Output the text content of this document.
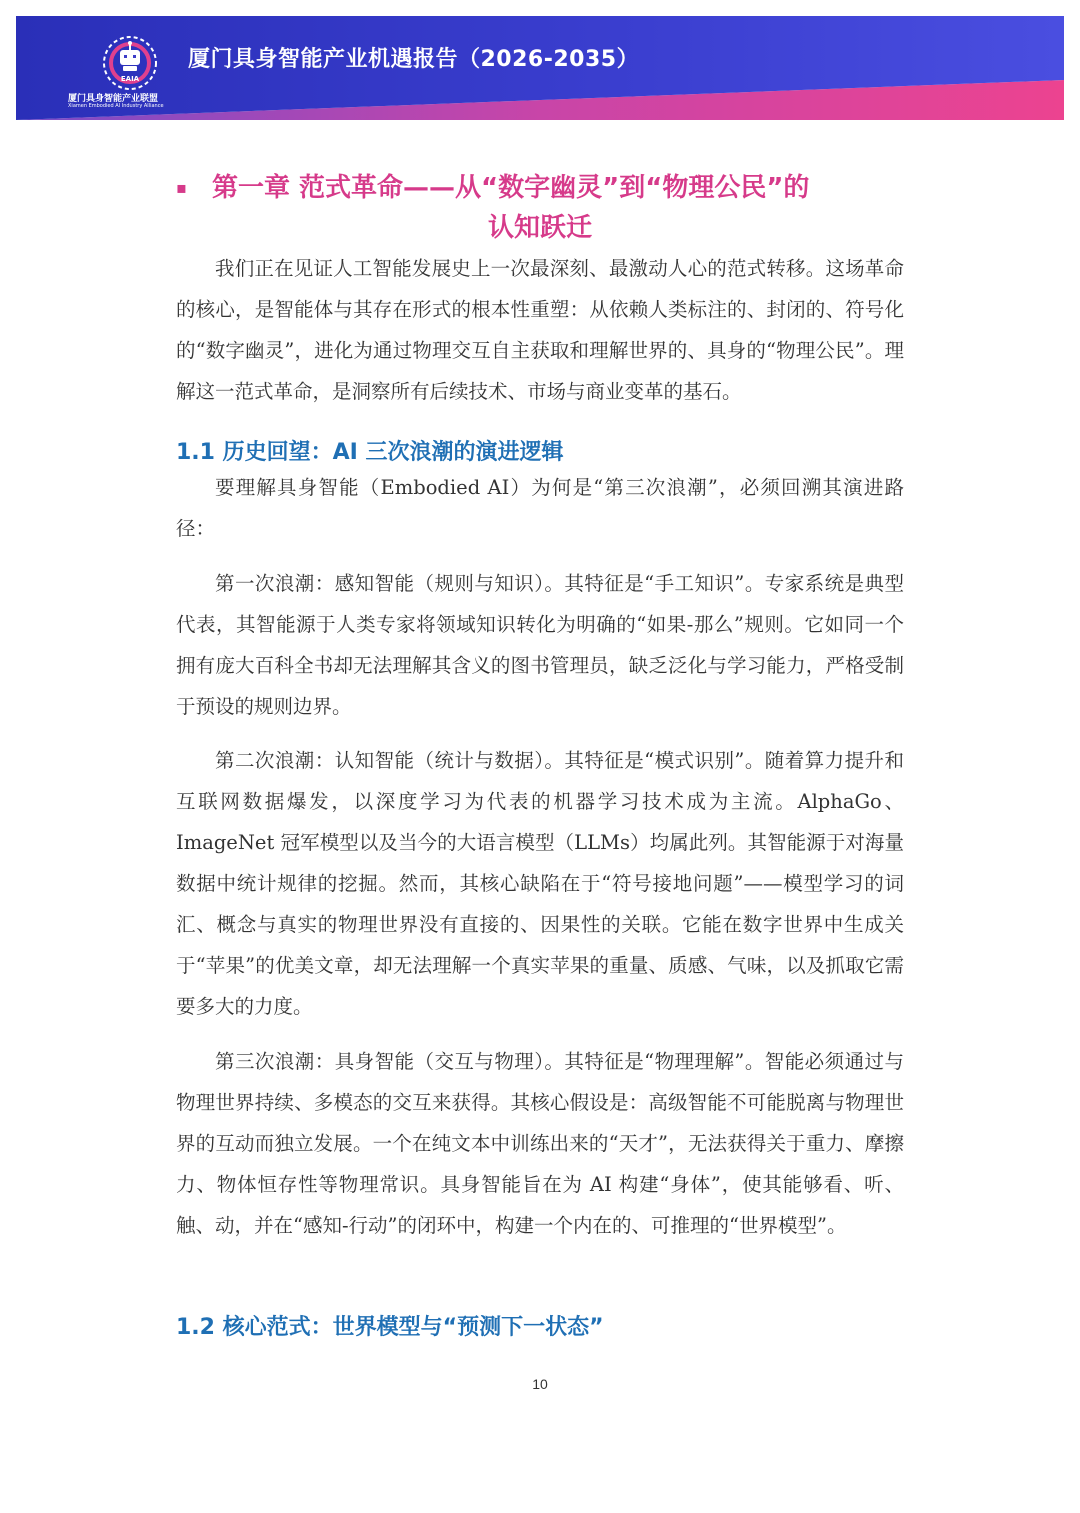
EAIA
厦门具身智能产业联盟
Xiamen Embodied AI Industry Alliance
厦门具身智能产业机遇报告（2026-2035）
▪ 第一章 范式革命——从“数字幽灵”到“物理公民”的
认知跃迁

我们正在见证人工智能发展史上一次最深刻、最激动人心的范式转移。这场革命的核心，是智能体与其存在形式的根本性重塑：从依赖人类标注的、封闭的、符号化的“数字幽灵”，进化为通过物理交互自主获取和理解世界的、具身的“物理公民”。理解这一范式革命，是洞察所有后续技术、市场与商业变革的基石。

1.1 历史回望：AI 三次浪潮的演进逻辑

要理解具身智能（Embodied AI）为何是“第三次浪潮”，必须回溯其演进路径：

第一次浪潮：感知智能（规则与知识）。其特征是“手工知识”。专家系统是典型代表，其智能源于人类专家将领域知识转化为明确的“如果-那么”规则。它如同一个拥有庞大百科全书却无法理解其含义的图书管理员，缺乏泛化与学习能力，严格受制于预设的规则边界。

第二次浪潮：认知智能（统计与数据）。其特征是“模式识别”。随着算力提升和互联网数据爆发，以深度学习为代表的机器学习技术成为主流。AlphaGo、ImageNet 冠军模型以及当今的大语言模型（LLMs）均属此列。其智能源于对海量数据中统计规律的挖掘。然而，其核心缺陷在于“符号接地问题”——模型学习的词汇、概念与真实的物理世界没有直接的、因果性的关联。它能在数字世界中生成关于“苹果”的优美文章，却无法理解一个真实苹果的重量、质感、气味，以及抓取它需要多大的力度。

第三次浪潮：具身智能（交互与物理）。其特征是“物理理解”。智能必须通过与物理世界持续、多模态的交互来获得。其核心假设是：高级智能不可能脱离与物理世界的互动而独立发展。一个在纯文本中训练出来的“天才”，无法获得关于重力、摩擦力、物体恒存性等物理常识。具身智能旨在为 AI 构建“身体”，使其能够看、听、触、动，并在“感知-行动”的闭环中，构建一个内在的、可推理的“世界模型”。

1.2 核心范式：世界模型与“预测下一状态”
10
